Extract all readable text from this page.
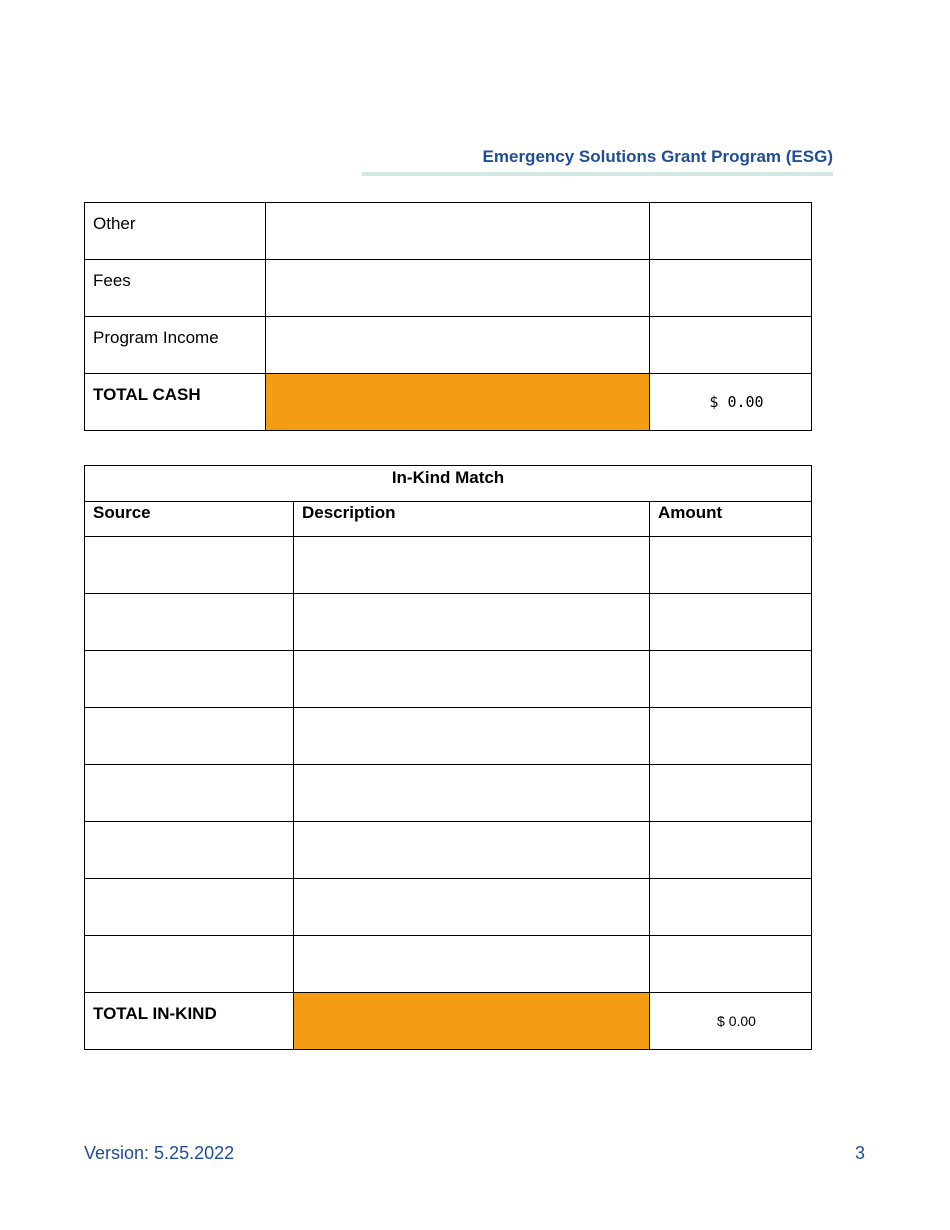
Emergency Solutions Grant Program (ESG)
Other		
Fees		
Program Income		
TOTAL CASH		$ 0.00
In-Kind Match		
Source	Description	Amount

TOTAL IN-KIND		$ 0.00
Version: 5.25.2022	3
